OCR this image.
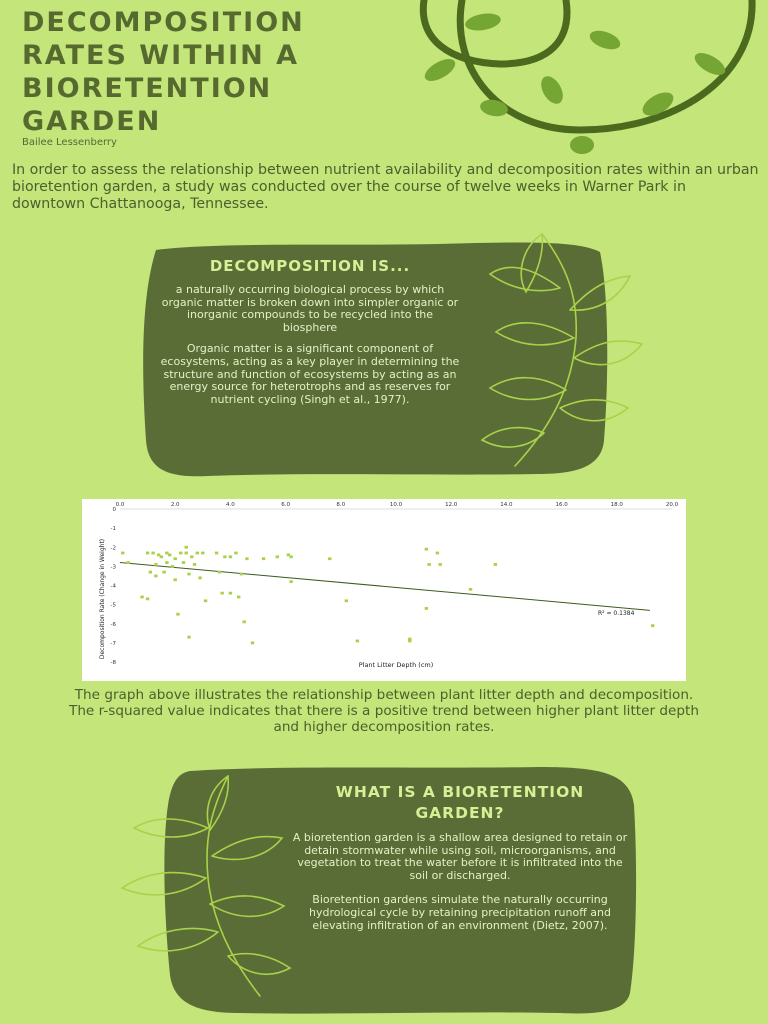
DECOMPOSITION RATES WITHIN A BIORETENTION GARDEN

Bailee Lessenberry

In order to assess the relationship between nutrient availability and decomposition rates within an urban bioretention garden, a study was conducted over the course of twelve weeks in Warner Park in downtown Chattanooga, Tennessee.

DECOMPOSITION IS...

a naturally occurring biological process by which organic matter is broken down into simpler organic or inorganic compounds to be recycled into the biosphere

Organic matter is a significant component of ecosystems, acting as a key player in determining the structure and function of ecosystems by acting as an energy source for heterotrophs and as reserves for nutrient cycling (Singh et al., 1977).

0.0	2.0	4.0	6.0	8.0	10.0	12.0	14.0	16.0	18.0	20.0
0
-1
-2
-3
-4
-5
-6
-7
-8
R² = 0.1384
Plant Litter Depth (cm)
Decomposition Rate (Change in Weight)

The graph above illustrates the relationship between plant litter depth and decomposition. The r-squared value indicates that there is a positive trend between higher plant litter depth and higher decomposition rates.

WHAT IS A BIORETENTION GARDEN?

A bioretention garden is a shallow area designed to retain or detain stormwater while using soil, microorganisms, and vegetation to treat the water before it is infiltrated into the soil or discharged.

Bioretention gardens simulate the naturally occurring hydrological cycle by retaining precipitation runoff and elevating infiltration of an environment (Dietz, 2007).
